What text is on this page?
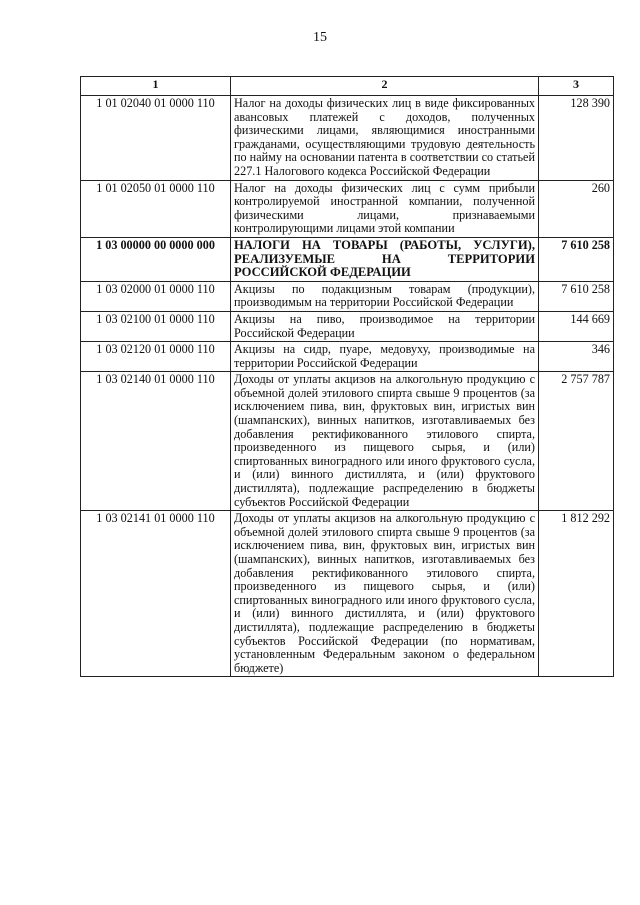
15
1	2	3
1 01 02040 01 0000 110	Налог на доходы физических лиц в виде фиксированных авансовых платежей с доходов, полученных физическими лицами, являющимися иностранными гражданами, осуществляющими трудовую деятельность по найму на основании патента в соответствии со статьей 227.1 Налогового кодекса Российской Федерации	128 390
1 01 02050 01 0000 110	Налог на доходы физических лиц с сумм прибыли контролируемой иностранной компании, полученной физическими лицами, признаваемыми контролирующими лицами этой компании	260
1 03 00000 00 0000 000	НАЛОГИ НА ТОВАРЫ (РАБОТЫ, УСЛУГИ), РЕАЛИЗУЕМЫЕ НА ТЕРРИТОРИИ РОССИЙСКОЙ ФЕДЕРАЦИИ	7 610 258
1 03 02000 01 0000 110	Акцизы по подакцизным товарам (продукции), производимым на территории Российской Федерации	7 610 258
1 03 02100 01 0000 110	Акцизы на пиво, производимое на территории Российской Федерации	144 669
1 03 02120 01 0000 110	Акцизы на сидр, пуаре, медовуху, производимые на территории Российской Федерации	346
1 03 02140 01 0000 110	Доходы от уплаты акцизов на алкогольную продукцию с объемной долей этилового спирта свыше 9 процентов (за исключением пива, вин, фруктовых вин, игристых вин (шампанских), винных напитков, изготавливаемых без добавления ректификованного этилового спирта, произведенного из пищевого сырья, и (или) спиртованных виноградного или иного фруктового сусла, и (или) винного дистиллята, и (или) фруктового дистиллята), подлежащие распределению в бюджеты субъектов Российской Федерации	2 757 787
1 03 02141 01 0000 110	Доходы от уплаты акцизов на алкогольную продукцию с объемной долей этилового спирта свыше 9 процентов (за исключением пива, вин, фруктовых вин, игристых вин (шампанских), винных напитков, изготавливаемых без добавления ректификованного этилового спирта, произведенного из пищевого сырья, и (или) спиртованных виноградного или иного фруктового сусла, и (или) винного дистиллята, и (или) фруктового дистиллята), подлежащие распределению в бюджеты субъектов Российской Федерации (по нормативам, установленным Федеральным законом о федеральном бюджете)	1 812 292
